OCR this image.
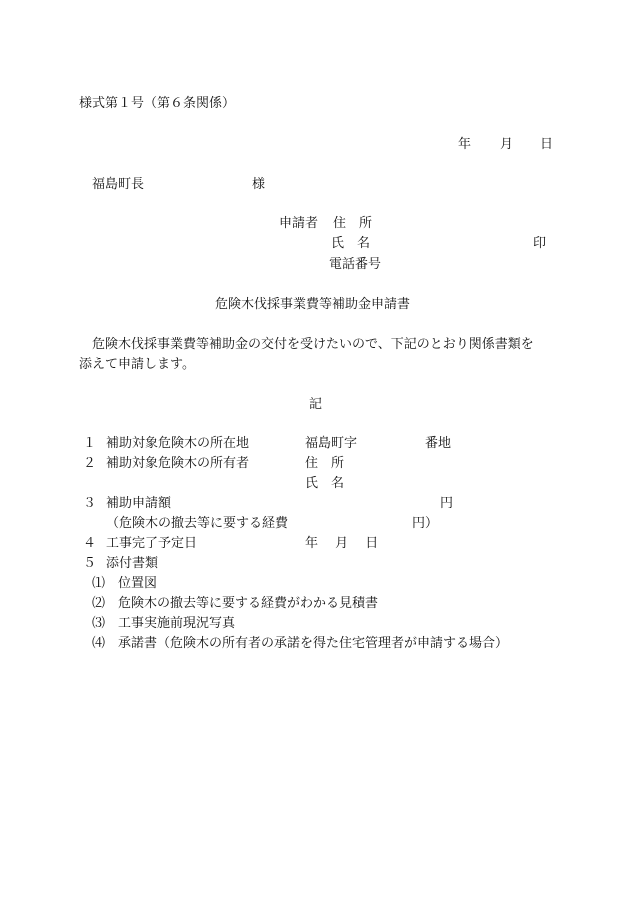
様式第１号（第６条関係）
年 月 日
福島町長	様
申請者 住　所
氏　名	印
電話番号
危険木伐採事業費等補助金申請書
危険木伐採事業費等補助金の交付を受けたいので、下記のとおり関係書類を
添えて申請します。
記
１ 補助対象危険木の所在地	福島町字	番地
２ 補助対象危険木の所有者	住　所
氏　名
３ 補助申請額	円
（危険木の撤去等に要する経費	円）
４ 工事完了予定日	年　 月　 日
５ 添付書類
⑴ 位置図
⑵ 危険木の撤去等に要する経費がわかる見積書
⑶ 工事実施前現況写真
⑷ 承諾書（危険木の所有者の承諾を得た住宅管理者が申請する場合）
